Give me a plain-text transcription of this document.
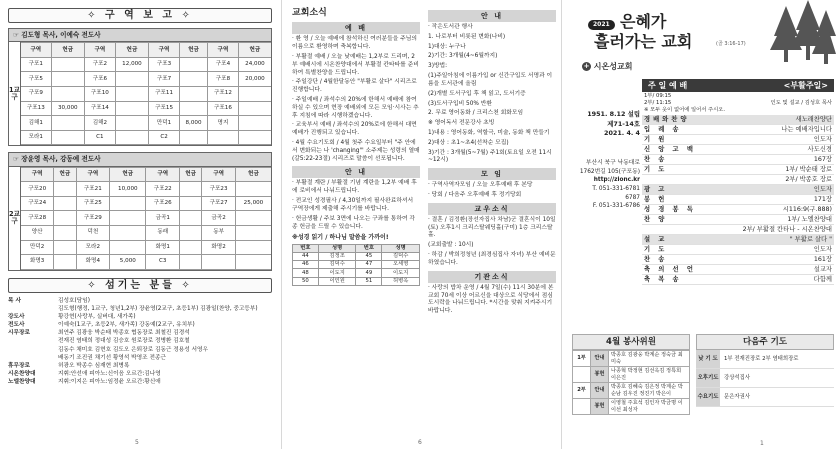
✧ 구 역 보 고 ✧
☞ 김도형 목사, 이예숙 전도사
1교구
구역	헌금	구역	헌금	구역	헌금	구역	헌금
구포1		구포2	12,000	구포3		구포4	24,000
구포5		구포6		구포7		구포8	20,000
구포9		구포10		구포11		구포12	
구포13	30,000	구포14		구포15		구포16	
김해1		김해2		만덕1	8,000	명지	
모라1		C1		C2			
☞ 장윤영 목사, 강동예 전도사
2교구
구역	헌금	구역	헌금	구역	헌금	구역	헌금
구포20		구포21	10,000	구포22		구포23	
구포24		구포25		구포26		구포27	25,000
구포28		구포29		금곡1		금곡2	
양산		덕천		동래		동부	
만덕2		모라2		화명1		화명2	
화명3		화명4	5,000	C3			
✧ 섬기는 분들 ✧
목 사	김성호(담임)
김도형(행정, 1교구, 청년1,2부) 장윤영(2교구, 초등1부) 김광일(찬양, 중고등부)
강도사	황강현(사랑부, 실버대, 새가족)
전도사	이예숙(1교구, 초등2부, 새가족) 강동예(2교구, 유치부)
시무장로	최연주 김광웅 박순태 박종호 협동장로 최철진 김경석
전재진 염태희 정대성 김승호 원로장로 정병환 김호철
김동수 채미호 김현호 김도오 은퇴장로 김동근 정용성 서영우
배동기 조진권 채기선 황영석 박영조 전종근
휴무장로	허광오 박종수 심재현 최병록
시온찬양대	지휘:안선애 피아노:신이음 오르간:김나영
노엘찬양대	지휘:이지은 피아노:임정윤 오르간:황신애
5
교회소식
예 배
· 환 영 / 오늘 예배에 참석하신 여러분들을 주님의 이름으로 환영하며 축복합니다.
· 부활절 예배 / 오늘 낮예배는 1,2부로 드리며, 2부 예배시에 시온찬양대에서 부활절 칸타타를 준비하여 특별찬양을 드립니다.
· 주일강단 / 4월한달동안 "부활로 살다" 시리즈로 진행합니다.
· 주일예배 / 좌석수의 20%에 한해서 예배에 참여하실 수 있으며 현장 예배외에 모든 모임·시사는 추후 지침에 따라 시행하겠습니다.
· 교육부서 예배 / 좌석수의 20%로에 한해서 대면예배가 진행되고 있습니다.
· 4월 수요기도회 / 4월 첫주 수요일부터 "주 안에서 변화되는 나 'changing'" 소주제는 성령의 열매(갈5:22-23절) 시리즈로 말씀이 선포됩니다.
안 내
· 부활절 계란 / 부활절 기념 계란을 1,2부 예배 후에 로비에서 나눠드립니다.
· 전교인 성경필사 / 4,30일까지 필사완료하셔서 구역장에게 제출해 주시기를 바랍니다.
· 헌금생활 / 주보 3면에 나오는 구좌를 통하여 각종 헌금을 드릴 수 있습니다.
※성경 읽기 / 하나님 말씀을 가까이!
번호	성명	번호	성명
44	김정조	45	김덕수
46	김덕수	47	오세영
48	이도지	49	이도지
50	이인원	51	허병옥
안 내
· 작은도서관 행사
1. 나로부터 비롯된 변화(나비)
1)대상: 누구나
2)기간: 3개월(4~6월까지)
3)방법:
(1)주일아침에 이름가입 or 신간구입도 서명과 이름을 도서관에 올림
(2)개별 도서구입 후 책 읽고, 도서기증
(3)도서구입비 50% 반환
2. 무료 영어동화 / 크리스천 회화모임
※ 영어독서 전문강사 초빙
1)내용 : 영어동화, 역할극, 미술, 동화 책 만들기
2)대상 : 초1~초4(선착순 모집)
3)기간 : 3개월(5~7월) 주1회(토요일 오전 11시~12시)
모 임
· 구역사역자모임 / 오늘 오후예배 후 본당
· 당회 / 다음주 오후예배 후 정기당회
교우소식
· 결혼 / 김정환(장선자집사 차남)군 결혼식이 10일(토) 오후1시 크리스탈웨딩홀(구미) 1층 크리스탈홀.
(교회출발 : 10시)
· 하감 / 박희정청년 (최경심집사 자녀) 부산 예비문 하였습니다.
기관소식
· 사랑의 밥차 운영 / 4월 7일(수) 11시 30분에 본교회 70세 이상 어르신을 대상으로 식당에서 점심도시락을 나눠드립니다. *시간을 맞춰 지켜주시기 바랍니다.
6
2021 은혜가
흘러가는 교회	(골 3:16-17)
+ 시온성교회
1951. 8.12 설립
제71-14호
2021. 4. 4
부산시 북구 낙동대로
1762번길 105(구포동)
http://zionc.kr
T. 051-331-6781
6787
F. 051-331-6786
주 일 예 배	<부활주일>
1부/ 09:15
2부/ 11:15	인도 및 설교 / 김성호 목사
※ 모두 옷이 없어에 일어서 주시오.
경배와찬양	새노래찬양단
입 례 송	나는 예배자입니다
기 원	인도자
신 앙 고 백	사도신경
찬 송	167장
기 도	1부/ 박순태 장로
2부/ 박종호 장로
광 고	인도자
봉 헌	171장
성 경 봉 독	시116:9(구.888)
찬 양	1부/ 노엘찬양대
2부/ 부활절 칸타나 - 시온찬양대
설 교	" 부활로 살다 "
기 도	인도자
찬 송	161장
축 의 선 언	설교자
축 복 송	다함께
4월 봉사위원
1부	안내	박종호 김광웅 박계순 정숙금 최미숙
	봉헌	나종혁 박정현 김선옥김 정특희 이은진
2부	안내	박종호 김혜숙 김은정 박계순 박순남 김우진 정진기 박은이
	봉헌	이영철 주효석 김인자 박금명 이이선 최성자
다음주 기도
낮 기 도	1부 전재진장로 2부 염태희장로
오후기도	강상석집사
수요기도	문은자권사
1
